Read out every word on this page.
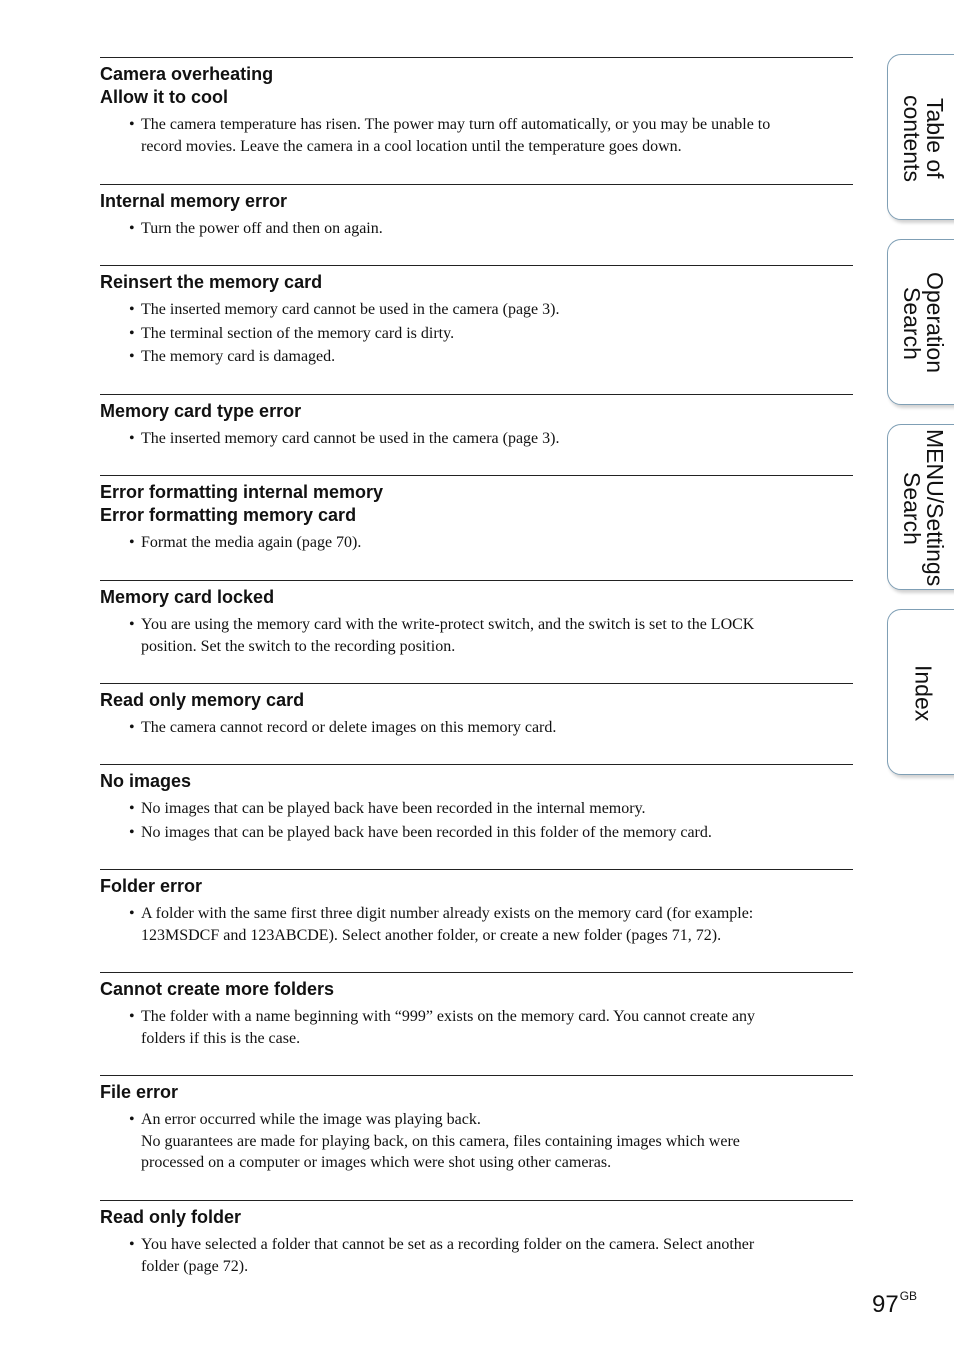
Camera overheating
Allow it to cool
• The camera temperature has risen. The power may turn off automatically, or you may be unable to
record movies. Leave the camera in a cool location until the temperature goes down.
Internal memory error
• Turn the power off and then on again.
Reinsert the memory card
• The inserted memory card cannot be used in the camera (page 3).
• The terminal section of the memory card is dirty.
• The memory card is damaged.
Memory card type error
• The inserted memory card cannot be used in the camera (page 3).
Error formatting internal memory
Error formatting memory card
• Format the media again (page 70).
Memory card locked
• You are using the memory card with the write-protect switch, and the switch is set to the LOCK
position. Set the switch to the recording position.
Read only memory card
• The camera cannot record or delete images on this memory card.
No images
• No images that can be played back have been recorded in the internal memory.
• No images that can be played back have been recorded in this folder of the memory card.
Folder error
• A folder with the same first three digit number already exists on the memory card (for example:
123MSDCF and 123ABCDE). Select another folder, or create a new folder (pages 71, 72).
Cannot create more folders
• The folder with a name beginning with “999” exists on the memory card. You cannot create any
folders if this is the case.
File error
• An error occurred while the image was playing back.
No guarantees are made for playing back, on this camera, files containing images which were
processed on a computer or images which were shot using other cameras.
Read only folder
• You have selected a folder that cannot be set as a recording folder on the camera. Select another
folder (page 72).
Table of
contents
Operation
Search
MENU/Settings
Search
Index
$97^{GB}$
